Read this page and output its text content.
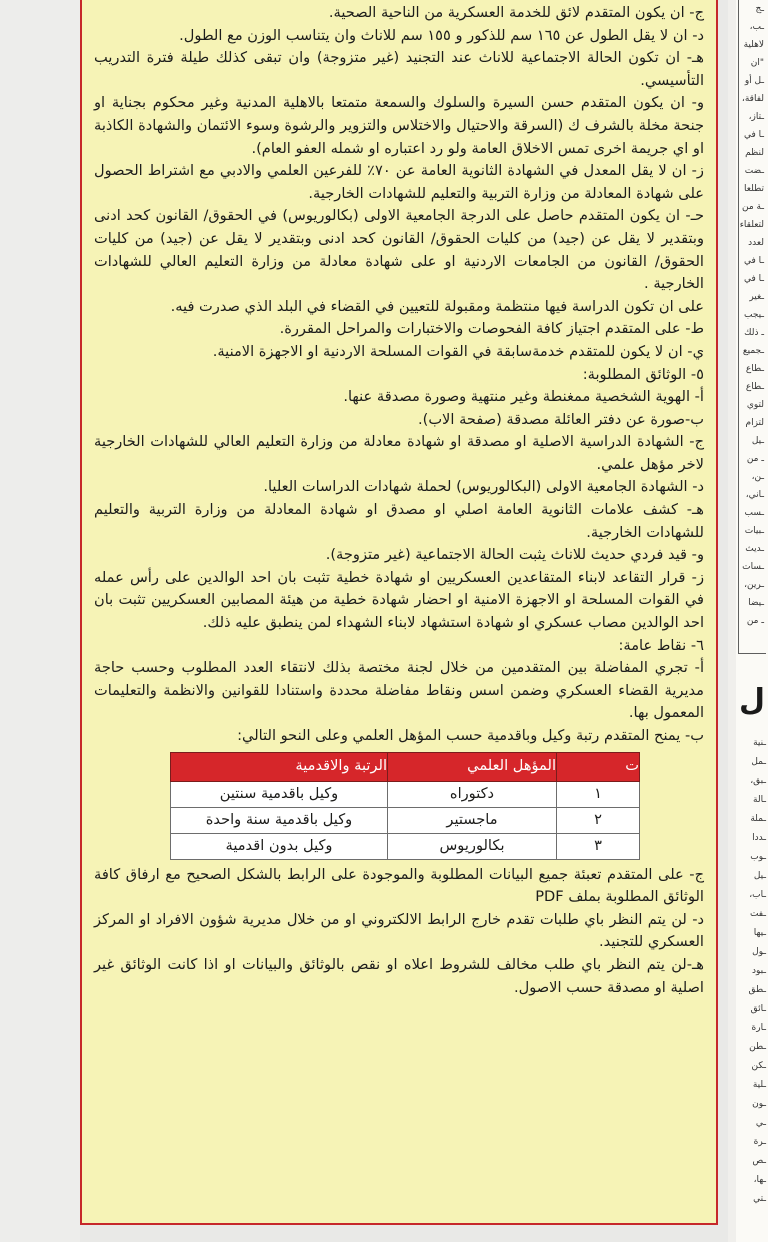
ج- ان يكون المتقدم لائق للخدمة العسكرية من الناحية الصحية.

د- ان لا يقل الطول عن ١٦٥ سم للذكور و ١٥٥ سم للاناث وان يتناسب الوزن مع الطول.

هـ- ان تكون الحالة الاجتماعية للاناث عند التجنيد (غير متزوجة) وان تبقى كذلك طيلة فترة التدريب التأسيسي.

و- ان يكون المتقدم حسن السيرة والسلوك والسمعة متمتعا بالاهلية المدنية وغير محكوم بجناية او جنحة مخلة بالشرف ك (السرقة والاحتيال والاختلاس والتزوير والرشوة وسوء الائتمان والشهادة الكاذبة او اي جريمة اخرى تمس الاخلاق العامة ولو رد اعتباره او شمله العفو العام).

ز- ان لا يقل المعدل في الشهادة الثانوية العامة عن ٧٠٪ للفرعين العلمي والادبي مع اشتراط الحصول على شهادة المعادلة من وزارة التربية والتعليم للشهادات الخارجية.

حـ- ان يكون المتقدم حاصل على الدرجة الجامعية الاولى (بكالوريوس) في الحقوق/ القانون كحد ادنى وبتقدير لا يقل عن (جيد) من كليات الحقوق/ القانون كحد ادنى وبتقدير لا يقل عن (جيد) من كليات الحقوق/ القانون من الجامعات الاردنية او على شهادة معادلة من وزارة التعليم العالي للشهادات الخارجية .

على ان تكون الدراسة فيها منتظمة ومقبولة للتعيين في القضاء في البلد الذي صدرت فيه.

ط- على المتقدم اجتياز كافة الفحوصات والاختبارات والمراحل المقررة.

ي- ان لا يكون للمتقدم خدمةسابقة في القوات المسلحة الاردنية او الاجهزة الامنية.

٥- الوثائق المطلوبة:

أ- الهوية الشخصية ممغنطة وغير منتهية وصورة مصدقة عنها.

ب-صورة عن دفتر العائلة مصدقة (صفحة الاب).

ج- الشهادة الدراسية الاصلية او مصدقة او شهادة معادلة من وزارة التعليم العالي للشهادات الخارجية لاخر مؤهل علمي.

د- الشهادة الجامعية الاولى (البكالوريوس) لحملة شهادات الدراسات العليا.

هـ- كشف علامات الثانوية العامة اصلي او مصدق او شهادة المعادلة من وزارة التربية والتعليم للشهادات الخارجية.

و- قيد فردي حديث للاناث يثبت الحالة الاجتماعية (غير متزوجة).

ز- قرار التقاعد لابناء المتقاعدين العسكريين او شهادة خطية تثبت بان احد الوالدين على رأس عمله في القوات المسلحة او الاجهزة الامنية او احضار شهادة خطية من هيئة المصابين العسكريين تثبت بان احد الوالدين مصاب عسكري او شهادة استشهاد لابناء الشهداء لمن ينطبق عليه ذلك.

٦- نقاط عامة:

أ- تجري المفاضلة بين المتقدمين من خلال لجنة مختصة بذلك لانتقاء العدد المطلوب وحسب حاجة مديرية القضاء العسكري وضمن اسس ونقاط مفاضلة محددة واستنادا للقوانين والانظمة والتعليمات المعمول بها.

ب- يمنح المتقدم رتبة وكيل وباقدمية حسب المؤهل العلمي وعلى النحو التالي:

ت	المؤهل العلمي	الرتبة والاقدمية
١	دكتوراه	وكيل باقدمية سنتين
٢	ماجستير	وكيل باقدمية سنة واحدة
٣	بكالوريوس	وكيل بدون اقدمية

ج- على المتقدم تعبئة جميع البيانات المطلوبة والموجودة على الرابط بالشكل الصحيح مع ارفاق كافة الوثائق المطلوبة بملف PDF

د- لن يتم النظر باي طلبات تقدم خارج الرابط الالكتروني او من خلال مديرية شؤون الافراد او المركز العسكري للتجنيد.

هـ-لن يتم النظر باي طلب مخالف للشروط اعلاه او نقص بالوثائق والبيانات او اذا كانت الوثائق غير اصلية او مصدقة حسب الاصول.

ـج
ـب،
لاهلية
"ان
ـل أو
لفاقة،
ـتاز،
ـا في
لنظم
ـضت
تطلعا
ـة من
لتعلقاء
لعدد
ـا في
ـا في
ـغير
ـيجب
ـ ذلك
ـجميع
ـطاع
ـطاع
لتوي
لتزام
ـيل
ـ من
ـن،
ـاني،
ـسب
ـبيات
ـديث
ـسات
ـرين،
ـيضا
ـ من
ل
ـنية
ـمل
ـبق،
ـالة
ـملة
ـددا
ـوب
ـيل
ـاب،
ـفت
ـيها
ـول
ـبود
ـطق
ـائق
ـارة
ـطن
ـكن
ـلية
ـون
ـي
ـرة
ـص
ـها،
ـتي
